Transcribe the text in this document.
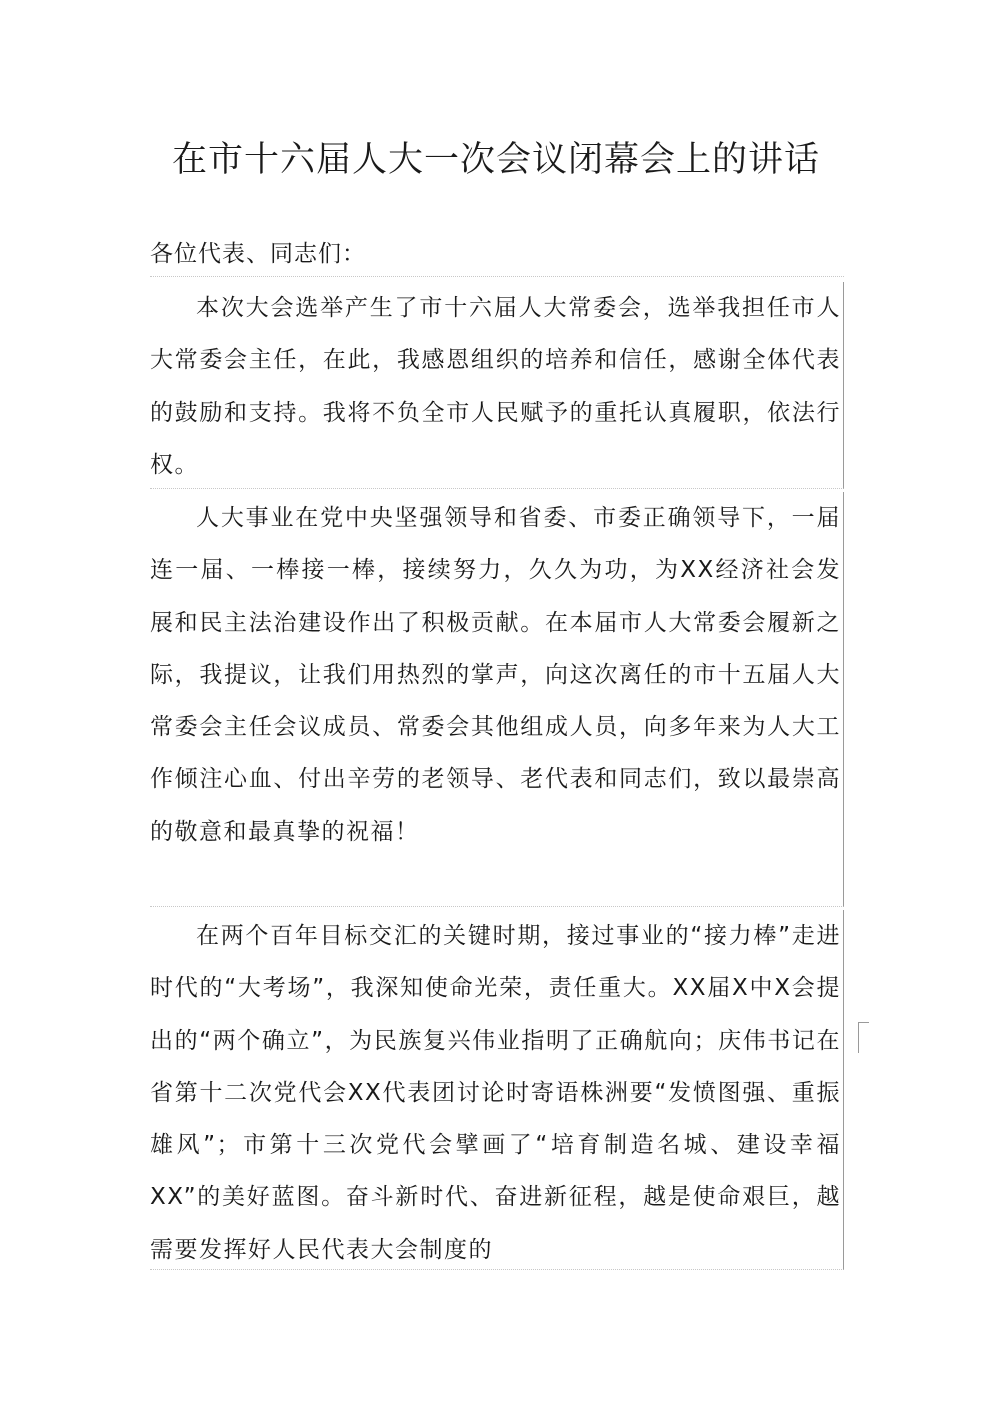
在市十六届人大一次会议闭幕会上的讲话

各位代表、同志们：

本次大会选举产生了市十六届人大常委会，选举我担任市人大常委会主任，在此，我感恩组织的培养和信任，感谢全体代表的鼓励和支持。我将不负全市人民赋予的重托认真履职，依法行权。

人大事业在党中央坚强领导和省委、市委正确领导下，一届连一届、一棒接一棒，接续努力，久久为功，为XX经济社会发展和民主法治建设作出了积极贡献。在本届市人大常委会履新之际，我提议，让我们用热烈的掌声，向这次离任的市十五届人大常委会主任会议成员、常委会其他组成人员，向多年来为人大工作倾注心血、付出辛劳的老领导、老代表和同志们，致以最崇高的敬意和最真挚的祝福！

在两个百年目标交汇的关键时期，接过事业的“接力棒”走进时代的“大考场”，我深知使命光荣，责任重大。XX届X中X会提出的“两个确立”，为民族复兴伟业指明了正确航向；庆伟书记在省第十二次党代会XX代表团讨论时寄语株洲要“发愤图强、重振雄风”；市第十三次党代会擘画了“培育制造名城、建设幸福XX”的美好蓝图。奋斗新时代、奋进新征程，越是使命艰巨，越需要发挥好人民代表大会制度的
